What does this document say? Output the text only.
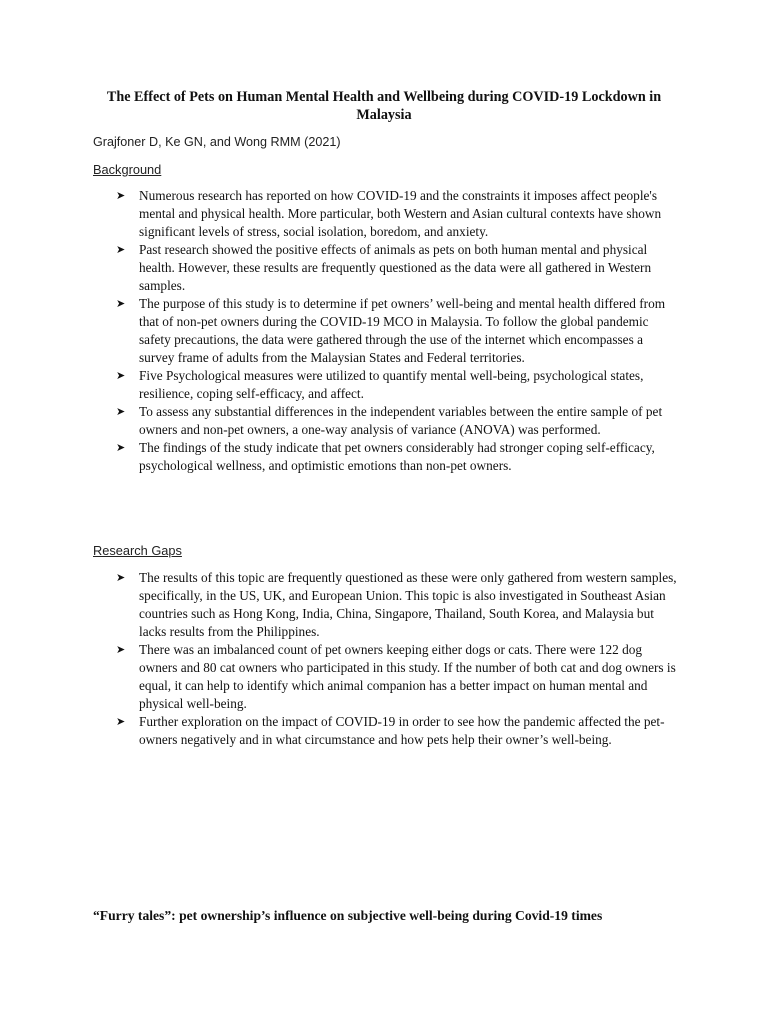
The Effect of Pets on Human Mental Health and Wellbeing during COVID-19 Lockdown in Malaysia
Grajfoner D, Ke GN, and Wong RMM (2021)
Background
➤ Numerous research has reported on how COVID-19 and the constraints it imposes affect people's mental and physical health. More particular, both Western and Asian cultural contexts have shown significant levels of stress, social isolation, boredom, and anxiety.
➤ Past research showed the positive effects of animals as pets on both human mental and physical health. However, these results are frequently questioned as the data were all gathered in Western samples.
➤ The purpose of this study is to determine if pet owners’ well-being and mental health differed from that of non-pet owners during the COVID-19 MCO in Malaysia. To follow the global pandemic safety precautions, the data were gathered through the use of the internet which encompasses a survey frame of adults from the Malaysian States and Federal territories.
➤ Five Psychological measures were utilized to quantify mental well-being, psychological states, resilience, coping self-efficacy, and affect.
➤ To assess any substantial differences in the independent variables between the entire sample of pet owners and non-pet owners, a one-way analysis of variance (ANOVA) was performed.
➤ The findings of the study indicate that pet owners considerably had stronger coping self-efficacy, psychological wellness, and optimistic emotions than non-pet owners.
Research Gaps
➤ The results of this topic are frequently questioned as these were only gathered from western samples, specifically, in the US, UK, and European Union. This topic is also investigated in Southeast Asian countries such as Hong Kong, India, China, Singapore, Thailand, South Korea, and Malaysia but lacks results from the Philippines.
➤ There was an imbalanced count of pet owners keeping either dogs or cats. There were 122 dog owners and 80 cat owners who participated in this study. If the number of both cat and dog owners is equal, it can help to identify which animal companion has a better impact on human mental and physical well-being.
➤ Further exploration on the impact of COVID-19 in order to see how the pandemic affected the pet-owners negatively and in what circumstance and how pets help their owner’s well-being.
“Furry tales”: pet ownership’s influence on subjective well-being during Covid-19 times
